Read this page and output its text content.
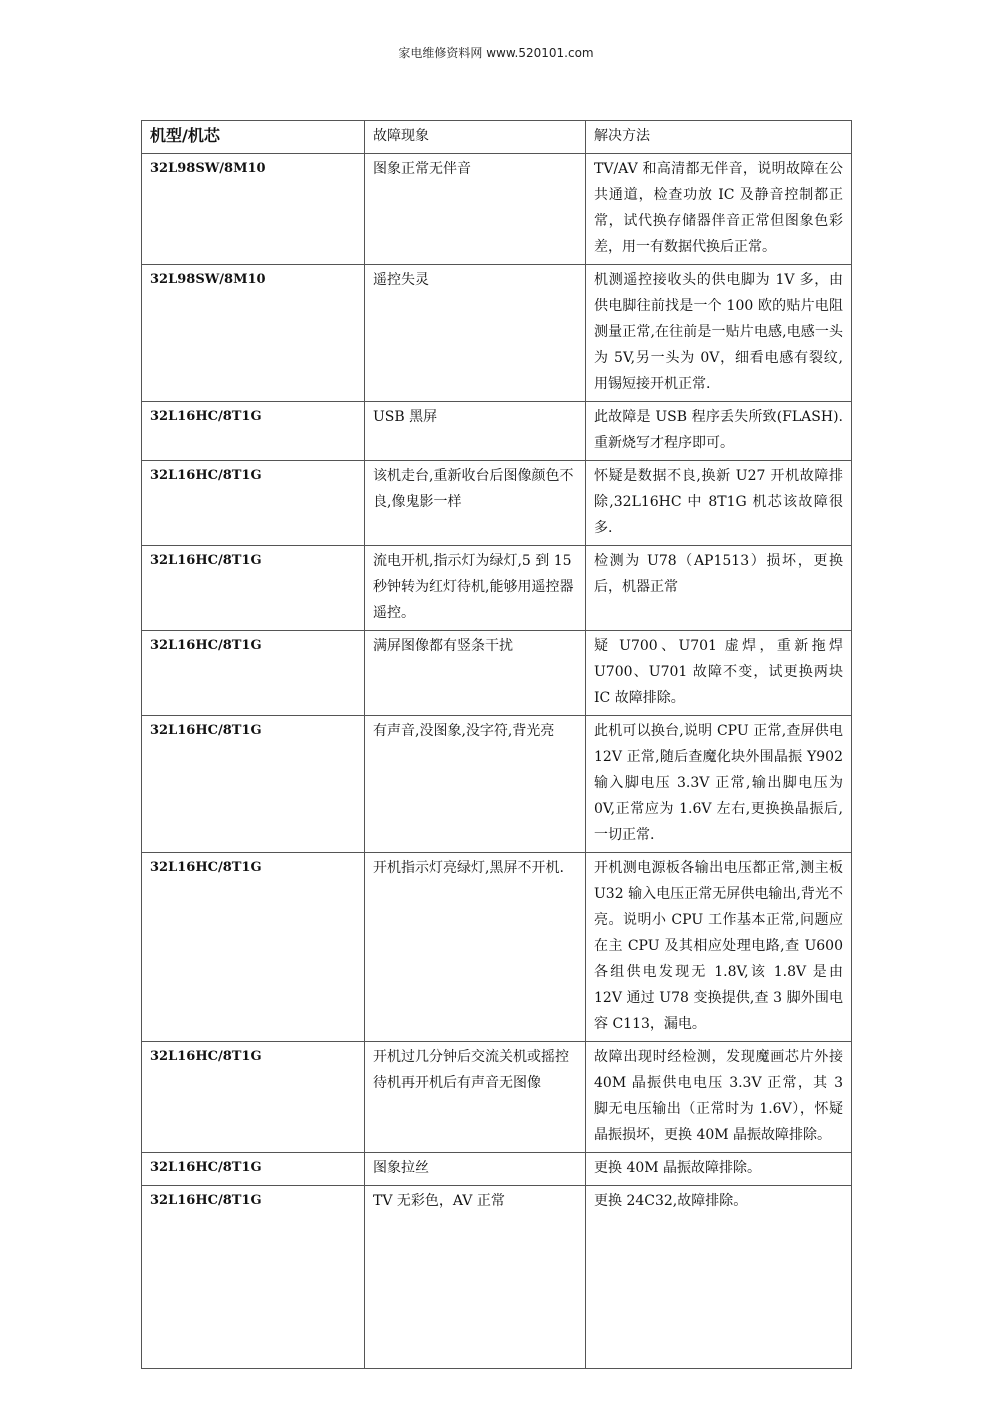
家电维修资料网 www.520101.com
机型/机芯	故障现象	解决方法
32L98SW/8M10	图象正常无伴音	TV/AV 和高清都无伴音，说明故障在公共通道，检查功放 IC 及静音控制都正常，试代换存储器伴音正常但图象色彩差，用一有数据代换后正常。
32L98SW/8M10	遥控失灵	机测遥控接收头的供电脚为 1V 多，由供电脚往前找是一个 100 欧的贴片电阻测量正常,在往前是一贴片电感,电感一头为 5V,另一头为 0V，细看电感有裂纹,用锡短接开机正常.
32L16HC/8T1G	USB 黑屏	此故障是 USB 程序丢失所致(FLASH).重新烧写才程序即可。
32L16HC/8T1G	该机走台,重新收台后图像颜色不良,像鬼影一样	怀疑是数据不良,换新 U27 开机故障排除,32L16HC 中 8T1G 机芯该故障很多.
32L16HC/8T1G	流电开机,指示灯为绿灯,5 到 15 秒钟转为红灯待机,能够用遥控器遥控。	检测为 U78（AP1513）损坏，更换后，机器正常
32L16HC/8T1G	满屏图像都有竖条干扰	疑 U700、U701 虚焊，重新拖焊 U700、U701 故障不变，试更换两块 IC 故障排除。
32L16HC/8T1G	有声音,没图象,没字符,背光亮	此机可以换台,说明 CPU 正常,查屏供电 12V 正常,随后查魔化块外围晶振 Y902 输入脚电压 3.3V 正常,输出脚电压为 0V,正常应为 1.6V 左右,更换换晶振后,一切正常.
32L16HC/8T1G	开机指示灯亮绿灯,黑屏不开机.	开机测电源板各输出电压都正常,测主板 U32 输入电压正常无屏供电输出,背光不亮。说明小 CPU 工作基本正常,问题应在主 CPU 及其相应处理电路,查 U600 各组供电发现无 1.8V,该 1.8V 是由 12V 通过 U78 变换提供,查 3 脚外围电容 C113，漏电。
32L16HC/8T1G	开机过几分钟后交流关机或摇控待机再开机后有声音无图像	故障出现时经检测，发现魔画芯片外接 40M 晶振供电电压 3.3V 正常，其 3 脚无电压输出（正常时为 1.6V），怀疑晶振损坏，更换 40M 晶振故障排除。
32L16HC/8T1G	图象拉丝	更换 40M 晶振故障排除。
32L16HC/8T1G	TV 无彩色，AV 正常	更换 24C32,故障排除。
